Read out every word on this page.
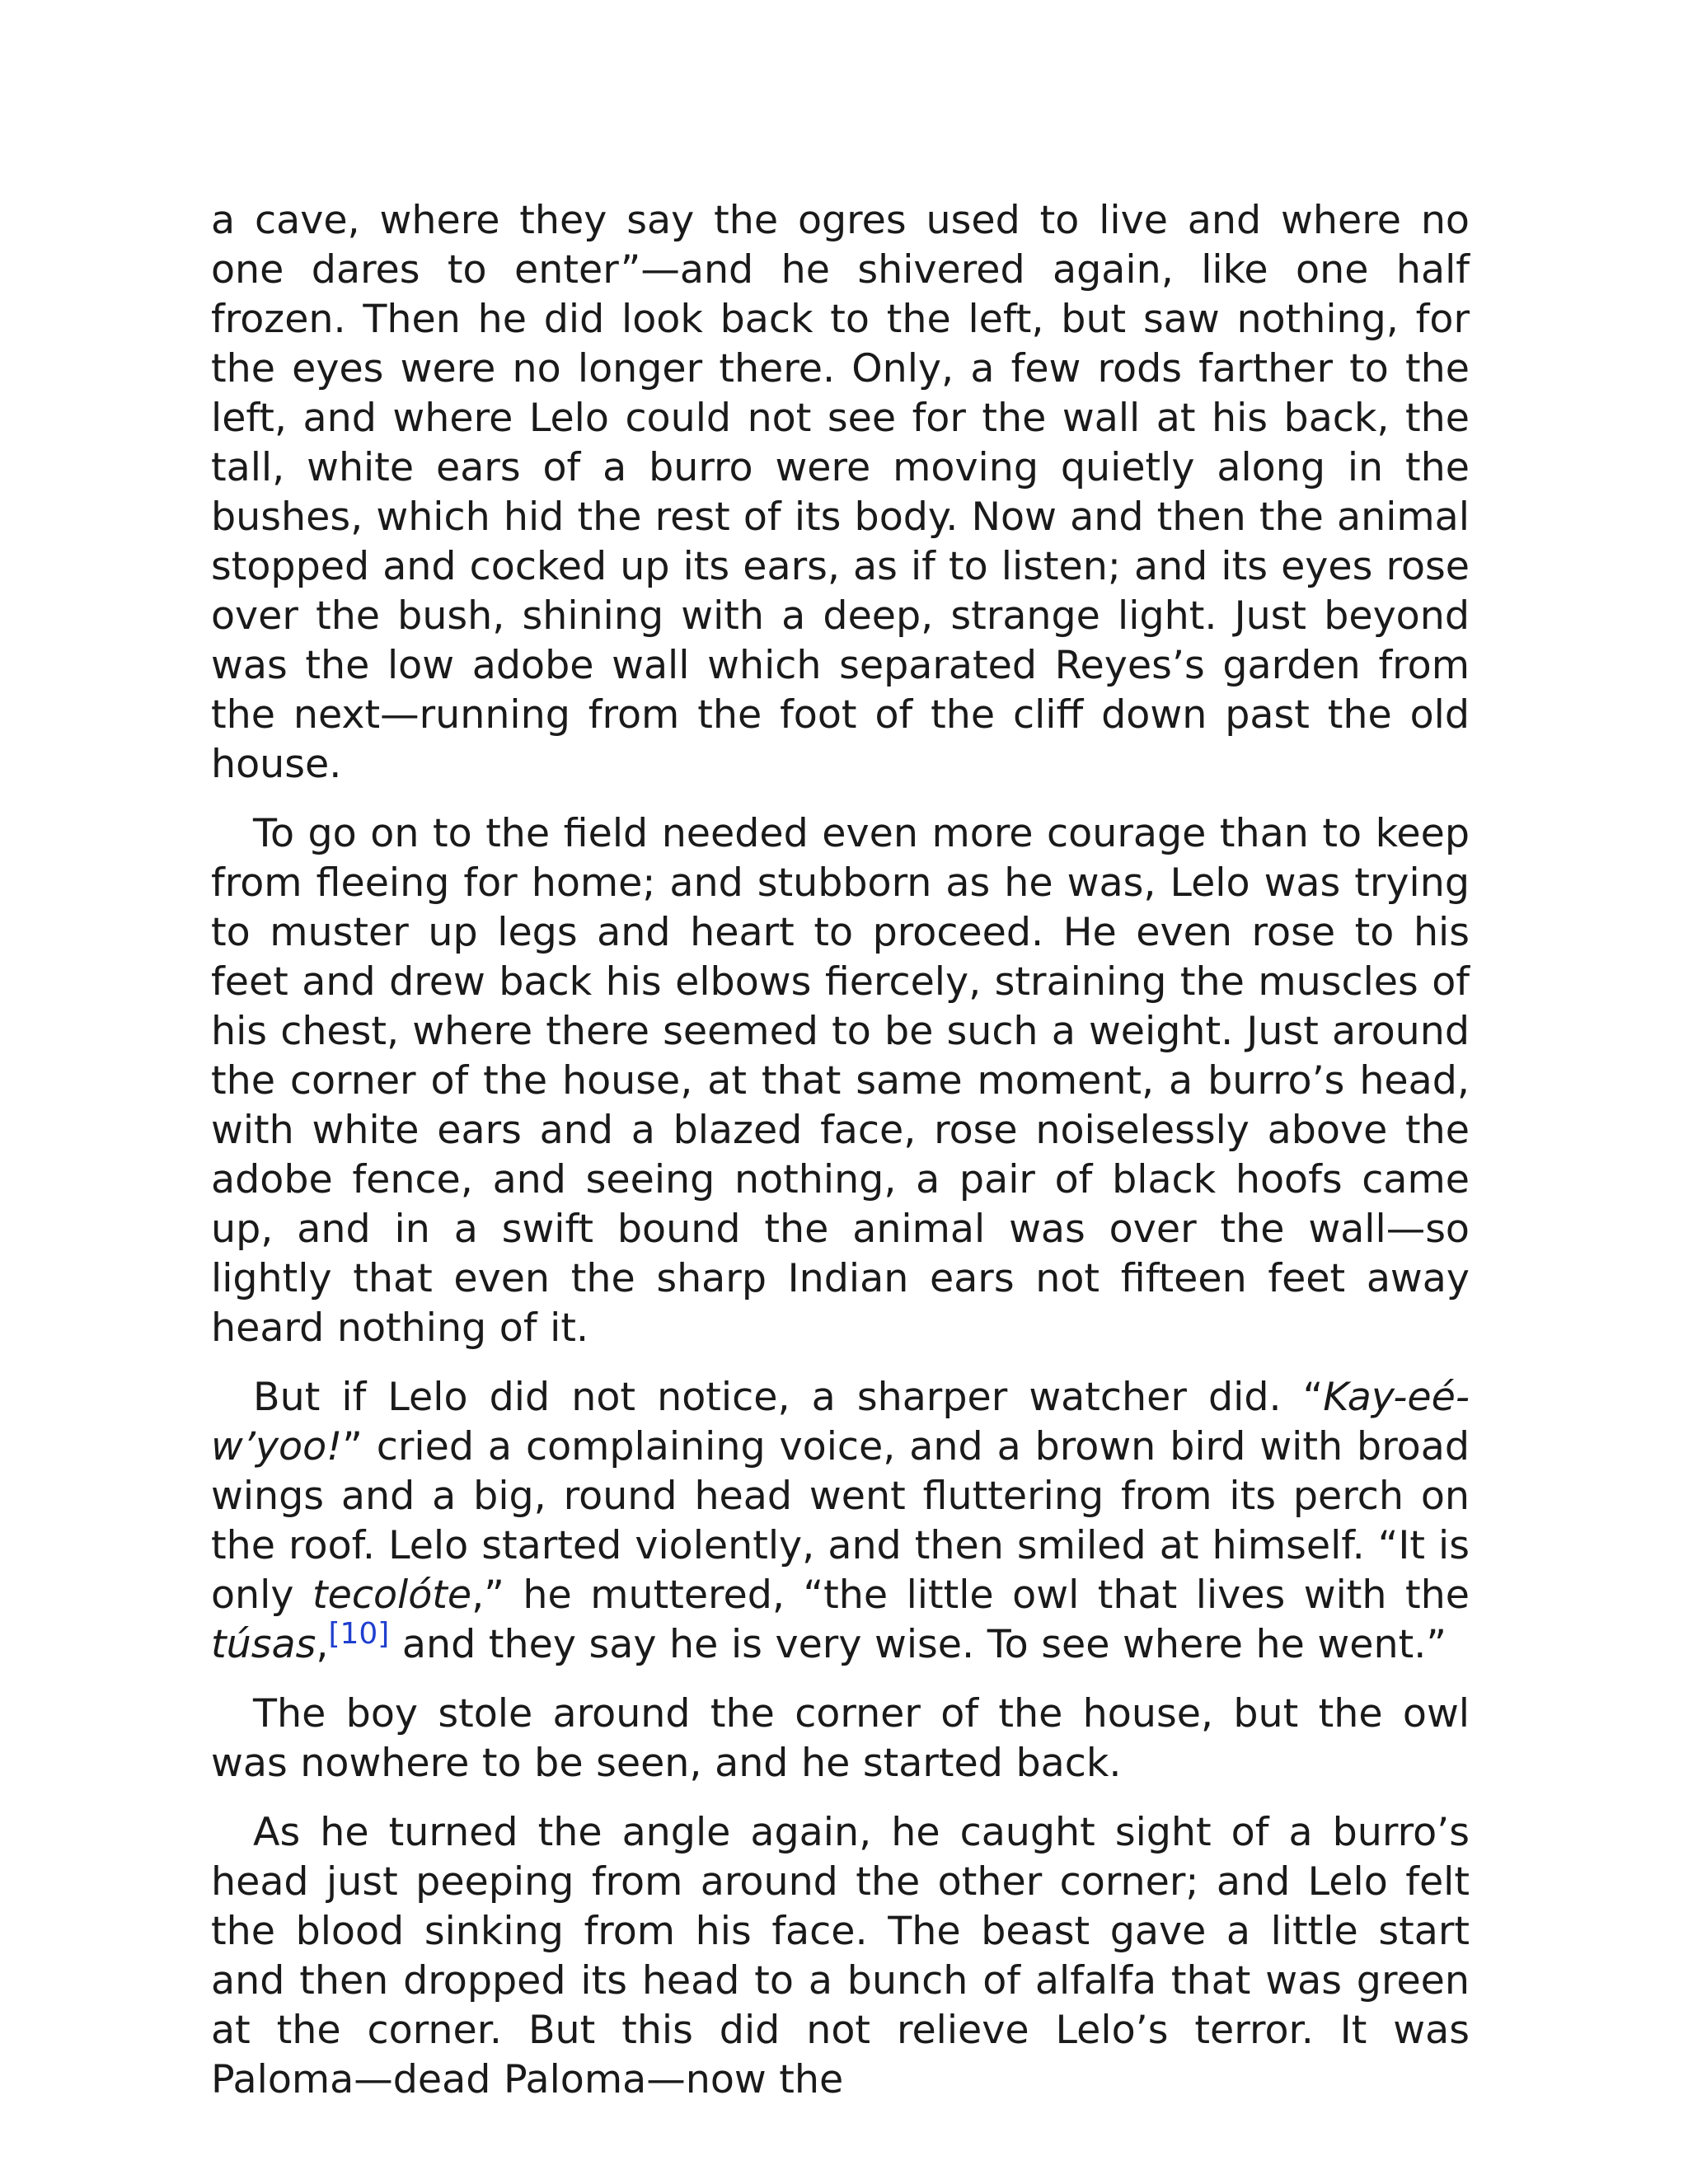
a cave, where they say the ogres used to live and where no one dares to enter”—and he shivered again, like one half frozen. Then he did look back to the left, but saw nothing, for the eyes were no longer there. Only, a few rods farther to the left, and where Lelo could not see for the wall at his back, the tall, white ears of a burro were moving quietly along in the bushes, which hid the rest of its body. Now and then the animal stopped and cocked up its ears, as if to listen; and its eyes rose over the bush, shining with a deep, strange light. Just beyond was the low adobe wall which separated Reyes’s garden from the next—running from the foot of the cliff down past the old house.

To go on to the field needed even more courage than to keep from fleeing for home; and stubborn as he was, Lelo was trying to muster up legs and heart to proceed. He even rose to his feet and drew back his elbows fiercely, straining the muscles of his chest, where there seemed to be such a weight. Just around the corner of the house, at that same moment, a burro’s head, with white ears and a blazed face, rose noiselessly above the adobe fence, and seeing nothing, a pair of black hoofs came up, and in a swift bound the animal was over the wall—so lightly that even the sharp Indian ears not fifteen feet away heard nothing of it.

But if Lelo did not notice, a sharper watcher did. “Kay-eé-w’yoo!” cried a complaining voice, and a brown bird with broad wings and a big, round head went fluttering from its perch on the roof. Lelo started violently, and then smiled at himself. “It is only tecolóte,” he muttered, “the little owl that lives with the túsas,[10] and they say he is very wise. To see where he went.”

The boy stole around the corner of the house, but the owl was nowhere to be seen, and he started back.

As he turned the angle again, he caught sight of a burro’s head just peeping from around the other corner; and Lelo felt the blood sinking from his face. The beast gave a little start and then dropped its head to a bunch of alfalfa that was green at the corner. But this did not relieve Lelo’s terror. It was Paloma—dead Paloma—now the
